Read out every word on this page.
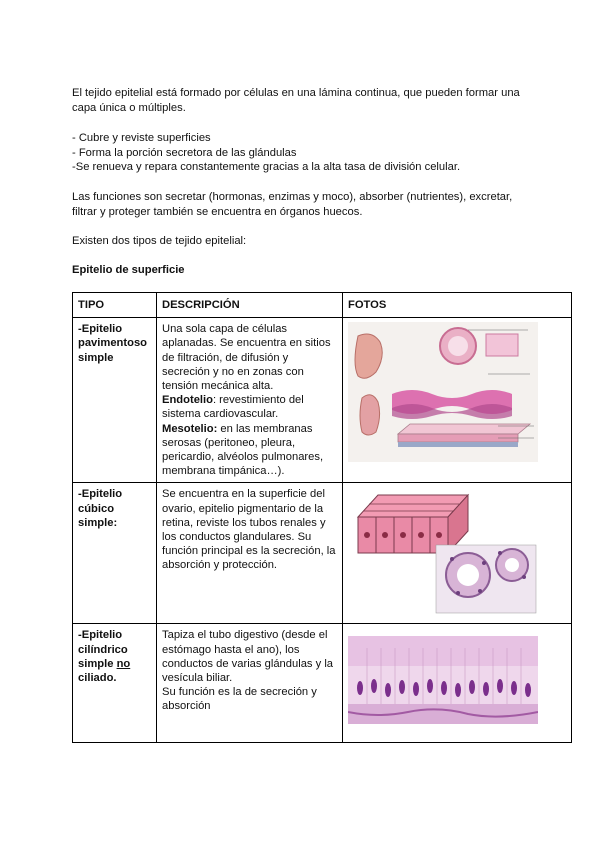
El tejido epitelial está formado por células en una lámina continua, que pueden formar una capa única o múltiples.

- Cubre y reviste superficies
- Forma la porción secretora de las glándulas
-Se renueva y repara constantemente gracias a la alta tasa de división celular.

Las funciones son secretar (hormonas, enzimas y moco), absorber (nutrientes), excretar, filtrar y proteger también se encuentra en órganos huecos.

Existen dos tipos de tejido epitelial:

Epitelio de superficie

TIPO	DESCRIPCIÓN	FOTOS
-Epitelio pavimentoso simple	Una sola capa de células aplanadas. Se encuentra en sitios de filtración, de difusión y secreción y no en zonas con tensión mecánica alta.
Endotelio: revestimiento del sistema cardiovascular.
Mesotelio: en las membranas serosas (peritoneo, pleura, pericardio, alvéolos pulmonares, membrana timpánica…).	

-Epitelio cúbico simple:	Se encuentra en la superficie del ovario, epitelio pigmentario de la retina, reviste los tubos renales y los conductos glandulares. Su función principal es la secreción, la absorción y protección.	

-Epitelio cilíndrico simple no ciliado.	Tapiza el tubo digestivo (desde el estómago hasta el ano), los conductos de varias glándulas y la vesícula biliar.
Su función es la de secreción y absorción	
